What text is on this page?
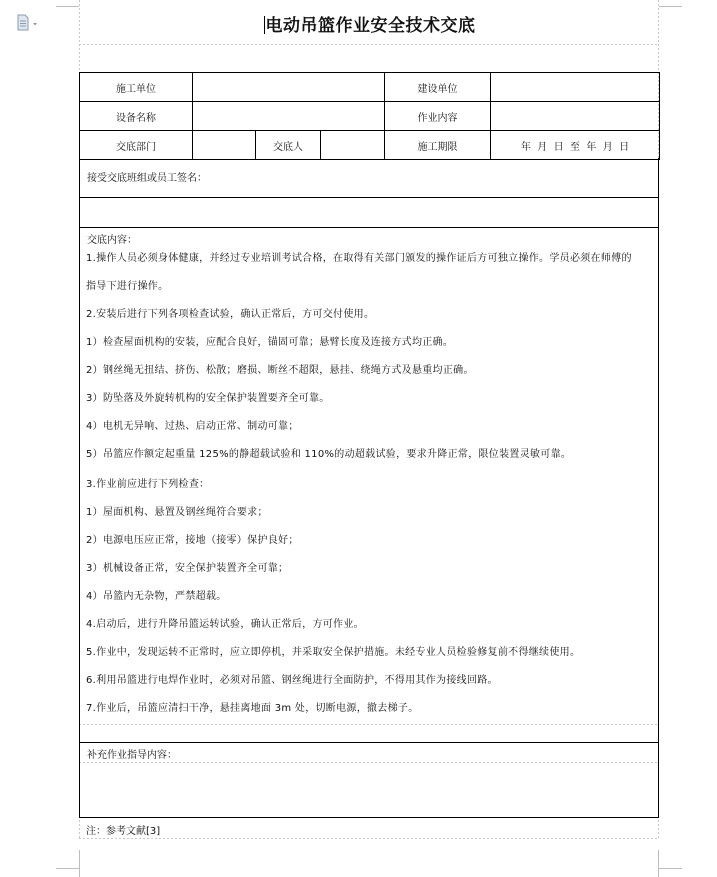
电动吊篮作业安全技术交底
施工单位				建设单位	
设备名称				作业内容	
交底部门		交底人		施工期限	年  月  日  至  年  月  日
接受交底班组或员工签名：
交底内容：
1.操作人员必须身体健康，并经过专业培训考试合格，在取得有关部门颁发的操作证后方可独立操作。学员必须在师傅的
指导下进行操作。
2.安装后进行下列各项检查试验，确认正常后，方可交付使用。
1）检查屋面机构的安装，应配合良好，锚固可靠；悬臂长度及连接方式均正确。
2）钢丝绳无扭结、挤伤、松散；磨损、断丝不超限，悬挂、绕绳方式及悬重均正确。
3）防坠落及外旋转机构的安全保护装置要齐全可靠。
4）电机无异响、过热、启动正常、制动可靠；
5）吊篮应作额定起重量 125%的静超载试验和 110%的动超载试验，要求升降正常，限位装置灵敏可靠。
3.作业前应进行下列检查：
1）屋面机构、悬置及钢丝绳符合要求；
2）电源电压应正常，接地（接零）保护良好；
3）机械设备正常，安全保护装置齐全可靠；
4）吊篮内无杂物，严禁超载。
4.启动后，进行升降吊篮运转试验，确认正常后，方可作业。
5.作业中，发现运转不正常时，应立即停机，并采取安全保护措施。未经专业人员检验修复前不得继续使用。
6.利用吊篮进行电焊作业时，必须对吊篮、钢丝绳进行全面防护，不得用其作为接线回路。
7.作业后，吊篮应清扫干净，悬挂离地面 3m 处，切断电源，撤去梯子。
补充作业指导内容：
注：参考文献[3]
